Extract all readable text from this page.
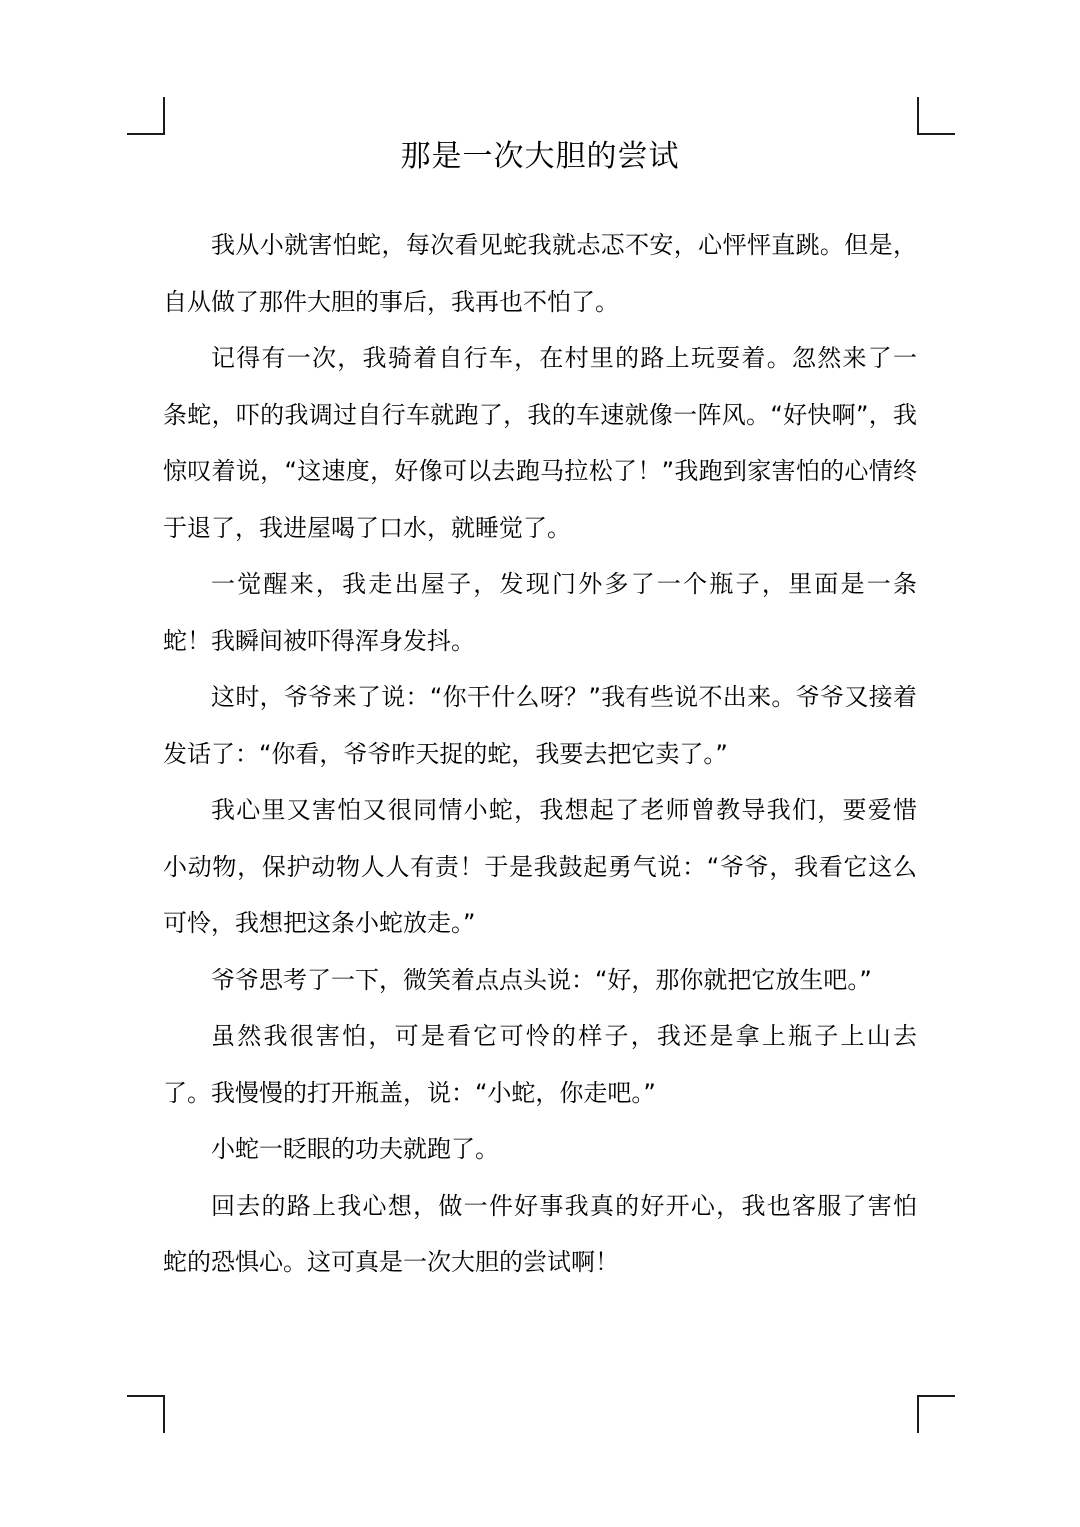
那是一次大胆的尝试

我从小就害怕蛇，每次看见蛇我就忐忑不安，心怦怦直跳。但是，
自从做了那件大胆的事后，我再也不怕了。

记得有一次，我骑着自行车，在村里的路上玩耍着。忽然来了一
条蛇，吓的我调过自行车就跑了，我的车速就像一阵风。“好快啊”，我
惊叹着说，“这速度，好像可以去跑马拉松了！”我跑到家害怕的心情终
于退了，我进屋喝了口水，就睡觉了。

一觉醒来，我走出屋子，发现门外多了一个瓶子，里面是一条
蛇！我瞬间被吓得浑身发抖。

这时，爷爷来了说：“你干什么呀？”我有些说不出来。爷爷又接着
发话了：“你看，爷爷昨天捉的蛇，我要去把它卖了。”

我心里又害怕又很同情小蛇，我想起了老师曾教导我们，要爱惜
小动物，保护动物人人有责！于是我鼓起勇气说：“爷爷，我看它这么
可怜，我想把这条小蛇放走。”

爷爷思考了一下，微笑着点点头说：“好，那你就把它放生吧。”

虽然我很害怕，可是看它可怜的样子，我还是拿上瓶子上山去
了。我慢慢的打开瓶盖，说：“小蛇，你走吧。”

小蛇一眨眼的功夫就跑了。

回去的路上我心想，做一件好事我真的好开心，我也客服了害怕
蛇的恐惧心。这可真是一次大胆的尝试啊！
